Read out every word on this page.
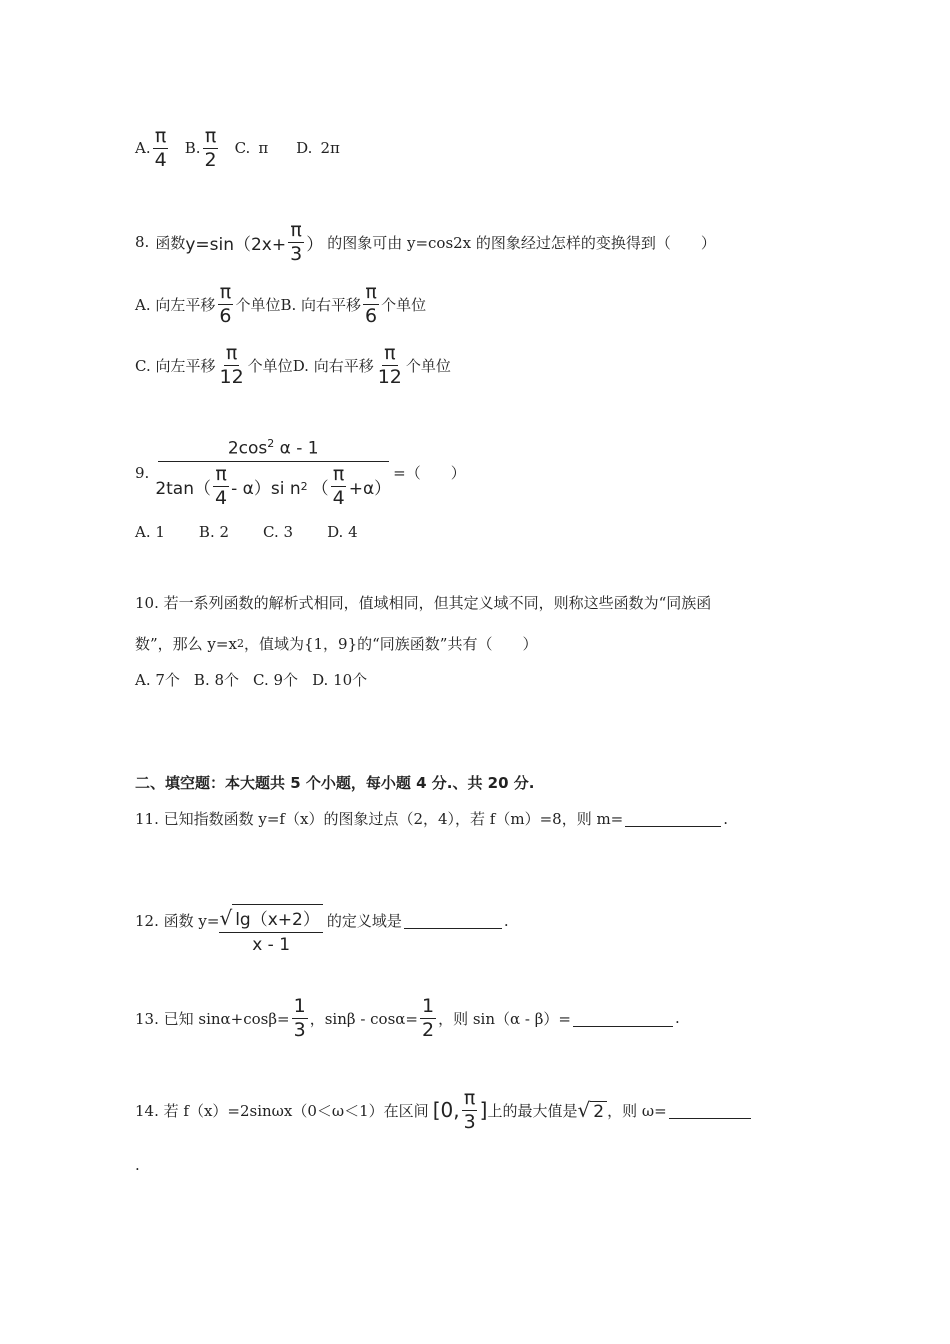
A. $\frac{\pi}{4} B$. $\frac{\pi}{2} C$. π D. 2π
8. 函数 $y=\sin(2x+ \frac{\pi}{3}$ ） 的图象可由 y=cos2x 的图象经过怎样的变换得到（　　）
A. 向左平移 $\frac{\pi}{6}$ 个单位 B. 向右平移 $\frac{\pi}{6}$ 个单位
C. 向左平移 $\frac{\pi}{12}$ 个单位 D. 向右平移 $\frac{\pi}{12}$ 个单位
9.
$2\cos^2$ α - 1
$2\tan( \frac{\pi}{4} - \alpha)si$ n 2 （ $\frac{\pi}{4} +\alpha$）
=（　　）
A. 1 B. 2 C. 3 D. 4
10. 若一系列函数的解析式相同，值域相同，但其定义域不同，则称这些函数为“同族函
数”，那么 y=x 2 ，值域为{1，9}的“同族函数”共有（　　）
A. 7个 B. 8个 C. 9个 D. 10个
二、填空题：本大题共 5 个小题，每小题 4 分.、共 20 分.
11. 已知指数函数 y=f（x）的图象过点（2，4），若 f（m）=8，则 m=	.
12. 函数 $y= \frac{√ \lg(x+2)}{x - 1}$ 的定义域是	.
13. 已知 $\sin\alpha+\cos\beta= \frac{1}{3}$ ，$\sin\beta - \cos\alpha= \frac{1}{2}$ ，则 sin（α - β）=	.
14. 若 f（x）=2sinωx（0＜ω＜1）在区间 [0, $\frac{\pi}{3}$ ] 上的最大值是 √ 2 ，则 ω=
.
